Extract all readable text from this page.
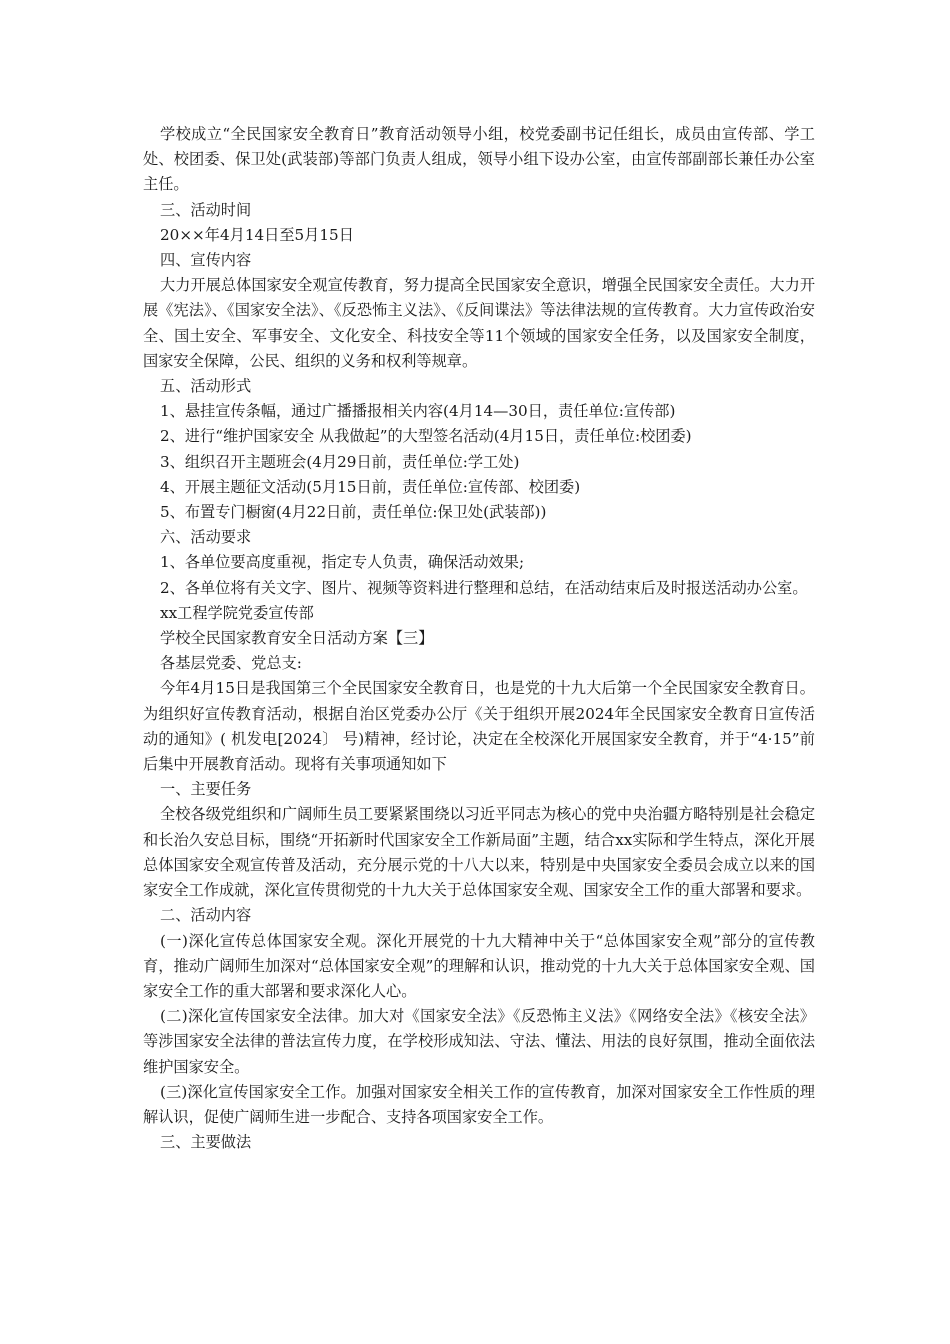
学校成立“全民国家安全教育日”教育活动领导小组，校党委副书记任组长，成员由宣传部、学工处、校团委、保卫处(武装部)等部门负责人组成，领导小组下设办公室，由宣传部副部长兼任办公室主任。

三、活动时间

20××年4月14日至5月15日

四、宣传内容

大力开展总体国家安全观宣传教育，努力提高全民国家安全意识，增强全民国家安全责任。大力开展《宪法》、《国家安全法》、《反恐怖主义法》、《反间谍法》等法律法规的宣传教育。大力宣传政治安全、国土安全、军事安全、文化安全、科技安全等11个领域的国家安全任务，以及国家安全制度，国家安全保障，公民、组织的义务和权利等规章。

五、活动形式

1、悬挂宣传条幅，通过广播播报相关内容(4月14—30日，责任单位:宣传部)

2、进行“维护国家安全 从我做起”的大型签名活动(4月15日，责任单位:校团委)

3、组织召开主题班会(4月29日前，责任单位:学工处)

4、开展主题征文活动(5月15日前，责任单位:宣传部、校团委)

5、布置专门橱窗(4月22日前，责任单位:保卫处(武装部))

六、活动要求

1、各单位要高度重视，指定专人负责，确保活动效果;

2、各单位将有关文字、图片、视频等资料进行整理和总结，在活动结束后及时报送活动办公室。

xx工程学院党委宣传部

学校全民国家教育安全日活动方案【三】

各基层党委、党总支:

今年4月15日是我国第三个全民国家安全教育日，也是党的十九大后第一个全民国家安全教育日。为组织好宣传教育活动，根据自治区党委办公厅《关于组织开展2024年全民国家安全教育日宣传活动的通知》( 机发电[2024〕 号)精神，经讨论，决定在全校深化开展国家安全教育，并于“4·15”前后集中开展教育活动。现将有关事项通知如下

一、主要任务

全校各级党组织和广阔师生员工要紧紧围绕以习近平同志为核心的党中央治疆方略特别是社会稳定和长治久安总目标，围绕“开拓新时代国家安全工作新局面”主题，结合xx实际和学生特点，深化开展总体国家安全观宣传普及活动，充分展示党的十八大以来，特别是中央国家安全委员会成立以来的国家安全工作成就，深化宣传贯彻党的十九大关于总体国家安全观、国家安全工作的重大部署和要求。

二、活动内容

(一)深化宣传总体国家安全观。深化开展党的十九大精神中关于“总体国家安全观”部分的宣传教育，推动广阔师生加深对“总体国家安全观”的理解和认识，推动党的十九大关于总体国家安全观、国家安全工作的重大部署和要求深化人心。

(二)深化宣传国家安全法律。加大对《国家安全法》《反恐怖主义法》《网络安全法》《核安全法》等涉国家安全法律的普法宣传力度，在学校形成知法、守法、懂法、用法的良好氛围，推动全面依法维护国家安全。

(三)深化宣传国家安全工作。加强对国家安全相关工作的宣传教育，加深对国家安全工作性质的理解认识，促使广阔师生进一步配合、支持各项国家安全工作。

三、主要做法
